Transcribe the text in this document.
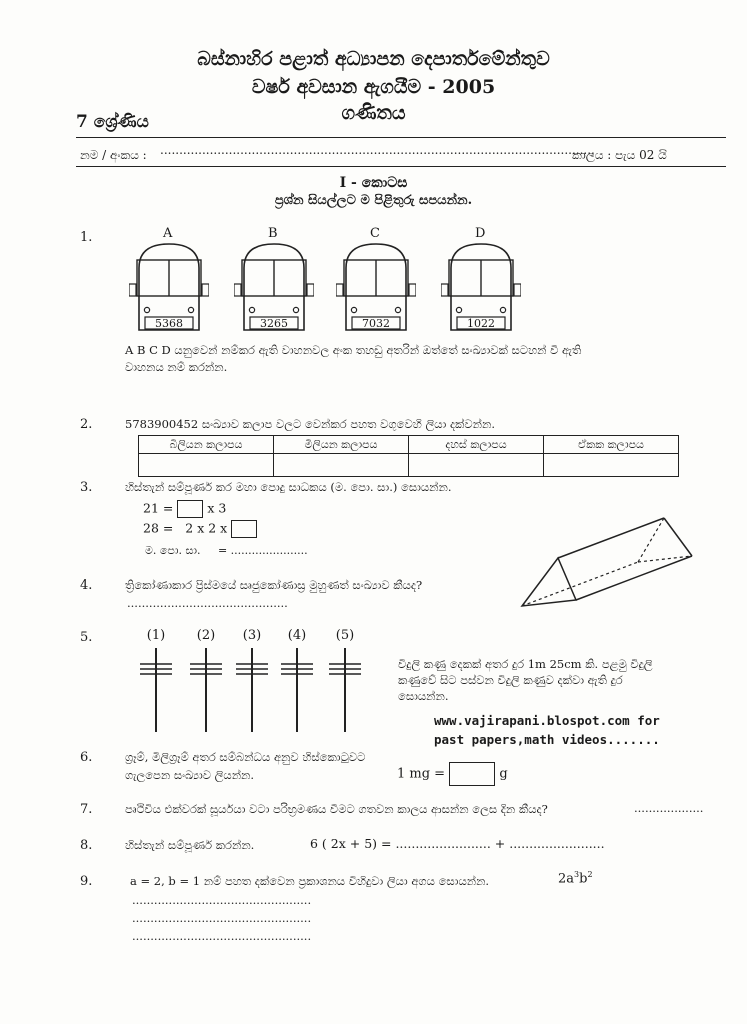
බස්නාහිර පළාත් අධ්‍යාපන දෙපාර්තමේන්තුව
වර්ෂ අවසාන ඇගයීම - 2005
ගණිතය
7 ශ්‍රේණිය
නම / අංකය : ..................................................................................................................
කාලය : පැය 02 යි
I - කොටස
ප්‍රශ්න සියල්ලට ම පිළිතුරු සපයන්න.
1.	A
5368
B
3265
C
7032
D
1022
A B C D යනුවෙන් නම්කර ඇති වාහනවල අංක තහඩු අතරින් ඔත්තේ සංඛ්‍යාවක් සටහන් වී ඇති
වාහනය නම් කරන්න.
2.	5783900452 සංඛ්‍යාව කලාප වලට වෙන්කර පහත වගුවෙහි ලියා දක්වන්න.
බිලියන කලාපය	මිලියන කලාපය	දහස් කලාපය	ඒකක කලාපය

3.	හිස්තැන් සම්පූර්ණ කර මහා පොදු සාධකය (ම. පො. සා.) සොයන්න.
21 =	x 3
28 = 2 x 2 x
ම. පො. සා. = ......................
4.	ත්‍රිකෝණාකාර ප්‍රිස්මයේ සෘජුකෝණාස්‍ර මුහුණත් සංඛ්‍යාව කීයද?
............................................
5.	(1)	(2)	(3)	(4)	(5)
විදුලි කණු දෙකක් අතර දුර 1m 25cm කි. පළමු විදුලි
කණුවේ සිට පස්වන විදුලි කණුව දක්වා ඇති දුර
සොයන්න.
www.vajirapani.blospot.com for
past papers,math videos.......
6.	ග්‍රෑම්, මිලිග්‍රෑම් අතර සම්බන්ධය අනුව හිස්කොටුවට
ගැලපෙන සංඛ්‍යාව ලියන්න.	1 mg =	g
7.	පෘථිවිය එක්වරක් සූර්යයා වටා පරිභ්‍රමණය වීමට ගතවන කාලය ආසන්න ලෙස දින කීයද?	...................
8.	හිස්තැන් සම්පූර්ණ කරන්න.	6 ( 2x + 5) = ........................ + ........................
9.	a = 2, b = 1 නම් පහත දක්වෙන ප්‍රකාශනය විහිදුවා ලියා අගය සොයන්න.	$2a^3b^2$
.................................................
.................................................
.................................................
